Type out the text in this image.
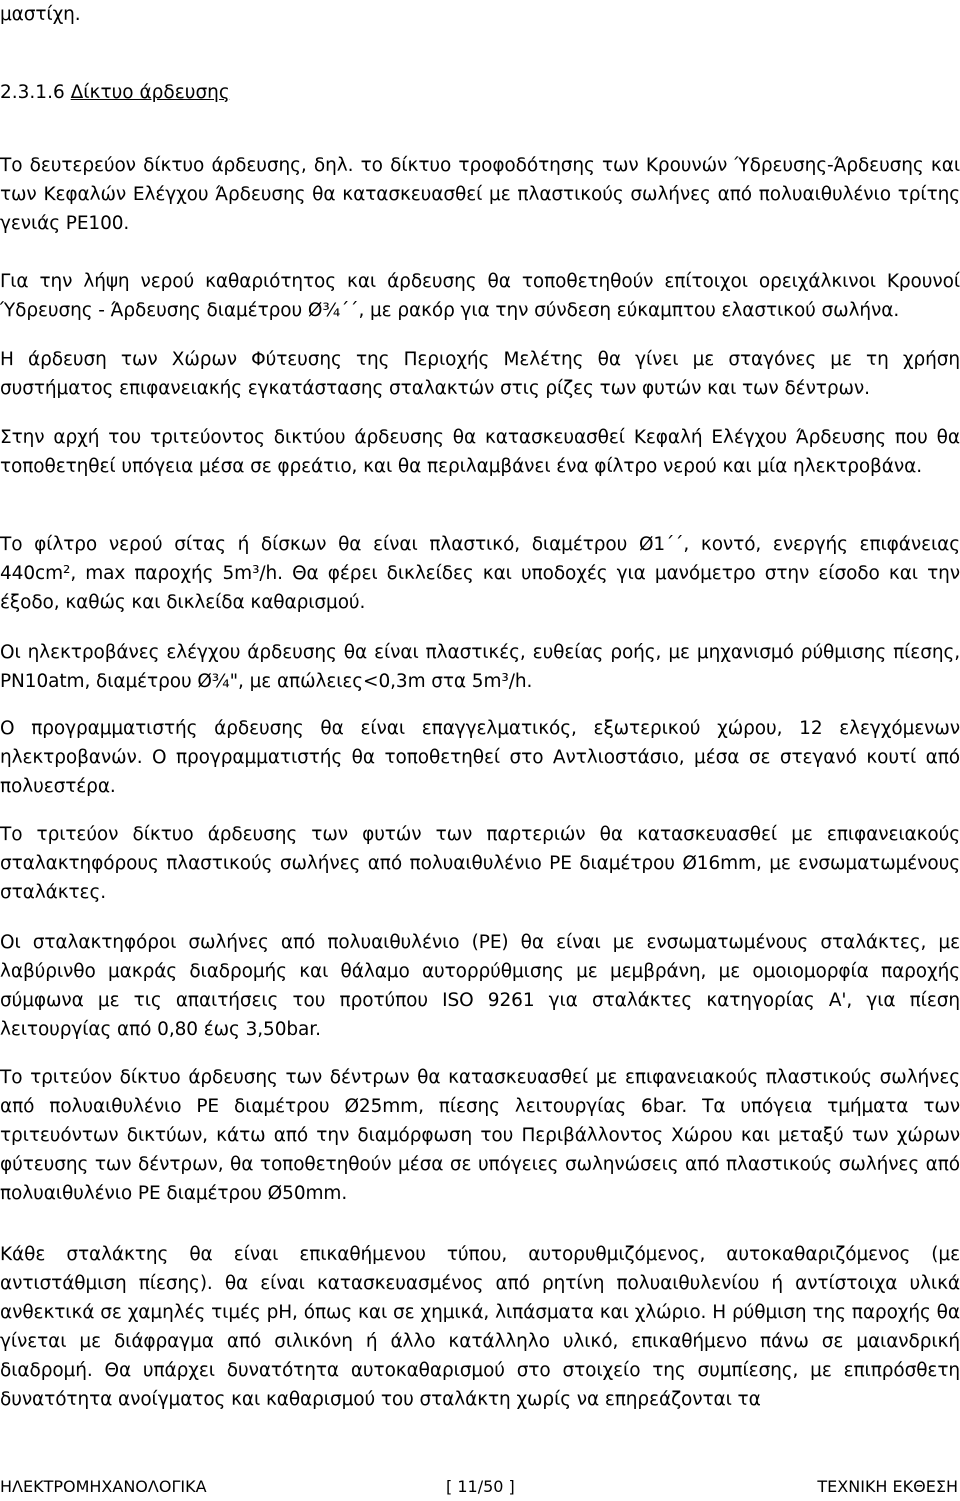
μαστίχη.

2.3.1.6 Δίκτυο άρδευσης

Το δευτερεύον δίκτυο άρδευσης, δηλ. το δίκτυο τροφοδότησης των Κρουνών Ύδρευσης-Άρδευσης και των Κεφαλών Ελέγχου Άρδευσης θα κατασκευασθεί με πλαστικούς σωλήνες από πολυαιθυλένιο τρίτης γενιάς PE100.

Για την λήψη νερού καθαριότητος και άρδευσης θα τοποθετηθούν επίτοιχοι ορειχάλκινοι Κρουνοί Ύδρευσης - Άρδευσης διαμέτρου Ø¾΄΄, με ρακόρ για την σύνδεση εύκαμπτου ελαστικού σωλήνα.

Η άρδευση των Χώρων Φύτευσης της Περιοχής Μελέτης θα γίνει με σταγόνες με τη χρήση συστήματος επιφανειακής εγκατάστασης σταλακτών στις ρίζες των φυτών και των δέντρων.

Στην αρχή του τριτεύοντος δικτύου άρδευσης θα κατασκευασθεί Κεφαλή Ελέγχου Άρδευσης που θα τοποθετηθεί υπόγεια μέσα σε φρεάτιο, και θα περιλαμβάνει ένα φίλτρο νερού και μία ηλεκτροβάνα.

Το φίλτρο νερού σίτας ή δίσκων θα είναι πλαστικό, διαμέτρου Ø1΄΄, κοντό, ενεργής επιφάνειας 440cm², max παροχής 5m³/h. Θα φέρει δικλείδες και υποδοχές για μανόμετρο στην είσοδο και την έξοδο, καθώς και δικλείδα καθαρισμού.

Οι ηλεκτροβάνες ελέγχου άρδευσης θα είναι πλαστικές, ευθείας ροής, με μηχανισμό ρύθμισης πίεσης, PN10atm, διαμέτρου Ø¾", με απώλειες<0,3m στα 5m³/h.

Ο προγραμματιστής άρδευσης θα είναι επαγγελματικός, εξωτερικού χώρου, 12 ελεγχόμενων ηλεκτροβανών. Ο προγραμματιστής θα τοποθετηθεί στο Αντλιοστάσιο, μέσα σε στεγανό κουτί από πολυεστέρα.

Το τριτεύον δίκτυο άρδευσης των φυτών των παρτεριών θα κατασκευασθεί με επιφανειακούς σταλακτηφόρους πλαστικούς σωλήνες από πολυαιθυλένιο PE διαμέτρου Ø16mm, με ενσωματωμένους σταλάκτες.

Οι σταλακτηφόροι σωλήνες από πολυαιθυλένιο (PE) θα είναι με ενσωματωμένους σταλάκτες, με λαβύρινθο μακράς διαδρομής και θάλαμο αυτορρύθμισης με μεμβράνη, με ομοιομορφία παροχής σύμφωνα με τις απαιτήσεις του προτύπου ISO 9261 για σταλάκτες κατηγορίας A', για πίεση λειτουργίας από 0,80 έως 3,50bar.

Το τριτεύον δίκτυο άρδευσης των δέντρων θα κατασκευασθεί με επιφανειακούς πλαστικούς σωλήνες από πολυαιθυλένιο PE διαμέτρου Ø25mm, πίεσης λειτουργίας 6bar. Τα υπόγεια τμήματα των τριτευόντων δικτύων, κάτω από την διαμόρφωση του Περιβάλλοντος Χώρου και μεταξύ των χώρων φύτευσης των δέντρων, θα τοποθετηθούν μέσα σε υπόγειες σωληνώσεις από πλαστικούς σωλήνες από πολυαιθυλένιο PE διαμέτρου Ø50mm.

Κάθε σταλάκτης θα είναι επικαθήμενου τύπου, αυτορυθμιζόμενος, αυτοκαθαριζόμενος (με αντιστάθμιση πίεσης). θα είναι κατασκευασμένος από ρητίνη πολυαιθυλενίου ή αντίστοιχα υλικά ανθεκτικά σε χαμηλές τιμές pH, όπως και σε χημικά, λιπάσματα και χλώριο. Η ρύθμιση της παροχής θα γίνεται με διάφραγμα από σιλικόνη ή άλλο κατάλληλο υλικό, επικαθήμενο πάνω σε μαιανδρική διαδρομή. Θα υπάρχει δυνατότητα αυτοκαθαρισμού στο στοιχείο της συμπίεσης, με επιπρόσθετη δυνατότητα ανοίγματος και καθαρισμού του σταλάκτη χωρίς να επηρεάζονται τα

ΗΛΕΚΤΡΟΜΗΧΑΝΟΛΟΓΙΚΑ	[ 11/50 ]	ΤΕΧΝΙΚΗ ΕΚΘΕΣΗ
